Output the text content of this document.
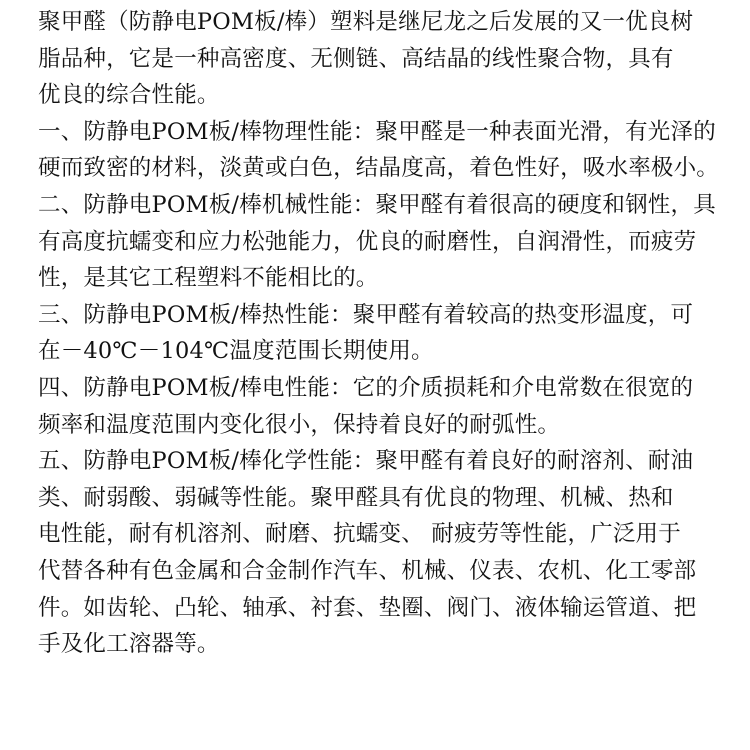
聚甲醛（防静电POM板/棒）塑料是继尼龙之后发展的又一优良树
脂品种，它是一种高密度、无侧链、高结晶的线性聚合物，具有
优良的综合性能。
一、防静电POM板/棒物理性能：聚甲醛是一种表面光滑，有光泽的
硬而致密的材料，淡黄或白色，结晶度高，着色性好，吸水率极小。
二、防静电POM板/棒机械性能：聚甲醛有着很高的硬度和钢性，具
有高度抗蠕变和应力松弛能力，优良的耐磨性，自润滑性，而疲劳
性，是其它工程塑料不能相比的。
三、防静电POM板/棒热性能：聚甲醛有着较高的热变形温度，可
在－40℃－104℃温度范围长期使用。
四、防静电POM板/棒电性能：它的介质损耗和介电常数在很宽的
频率和温度范围内变化很小，保持着良好的耐弧性。
五、防静电POM板/棒化学性能：聚甲醛有着良好的耐溶剂、耐油
类、耐弱酸、弱碱等性能。聚甲醛具有优良的物理、机械、热和
电性能，耐有机溶剂、耐磨、抗蠕变、 耐疲劳等性能，广泛用于
代替各种有色金属和合金制作汽车、机械、仪表、农机、化工零部
件。如齿轮、凸轮、轴承、衬套、垫圈、阀门、液体输运管道、把
手及化工溶器等。
